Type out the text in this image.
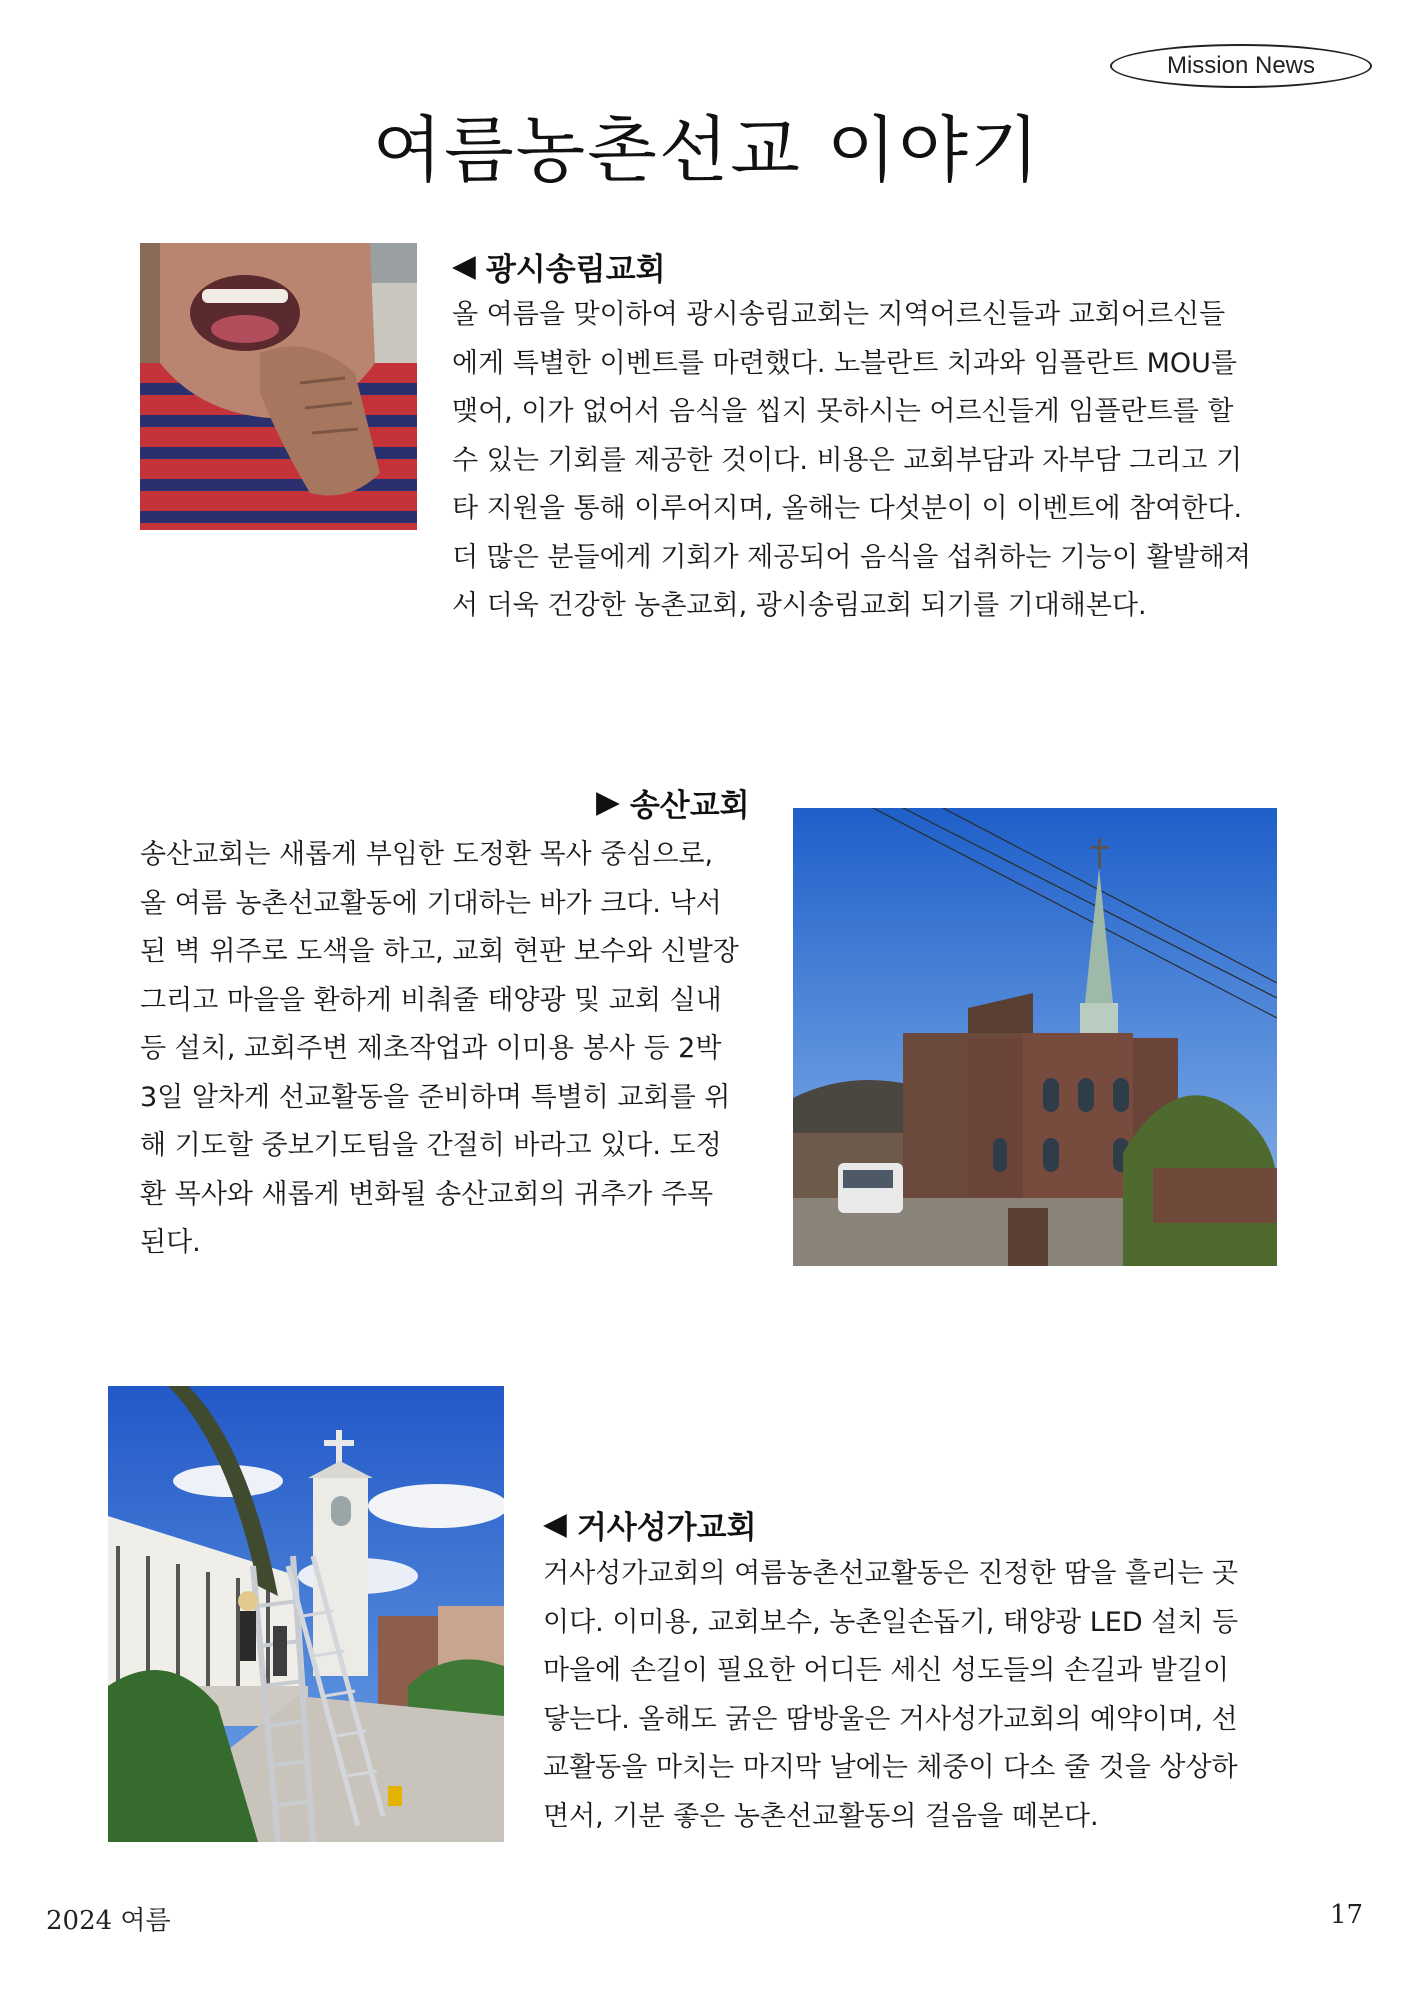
Mission News
여름농촌선교 이야기
◀ 광시송림교회
올 여름을 맞이하여 광시송림교회는 지역어르신들과 교회어르신들
에게 특별한 이벤트를 마련했다. 노블란트 치과와 임플란트 MOU를
맺어, 이가 없어서 음식을 씹지 못하시는 어르신들게 임플란트를 할
수 있는 기회를 제공한 것이다. 비용은 교회부담과 자부담 그리고 기
타 지원을 통해 이루어지며, 올해는 다섯분이 이 이벤트에 참여한다.
더 많은 분들에게 기회가 제공되어 음식을 섭취하는 기능이 활발해져
서 더욱 건강한 농촌교회, 광시송림교회 되기를 기대해본다.
▶ 송산교회
송산교회는 새롭게 부임한 도정환 목사 중심으로,
올 여름 농촌선교활동에 기대하는 바가 크다. 낙서
된 벽 위주로 도색을 하고, 교회 현판 보수와 신발장
그리고 마을을 환하게 비춰줄 태양광 및 교회 실내
등 설치, 교회주변 제초작업과 이미용 봉사 등 2박
3일 알차게 선교활동을 준비하며 특별히 교회를 위
해 기도할 중보기도팀을 간절히 바라고 있다. 도정
환 목사와 새롭게 변화될 송산교회의 귀추가 주목
된다.
◀ 거사성가교회
거사성가교회의 여름농촌선교활동은 진정한 땀을 흘리는 곳
이다. 이미용, 교회보수, 농촌일손돕기, 태양광 LED 설치 등
마을에 손길이 필요한 어디든 세신 성도들의 손길과 발길이
닿는다. 올해도 굵은 땀방울은 거사성가교회의 예약이며, 선
교활동을 마치는 마지막 날에는 체중이 다소 줄 것을 상상하
면서, 기분 좋은 농촌선교활동의 걸음을 떼본다.
2024 여름	17
